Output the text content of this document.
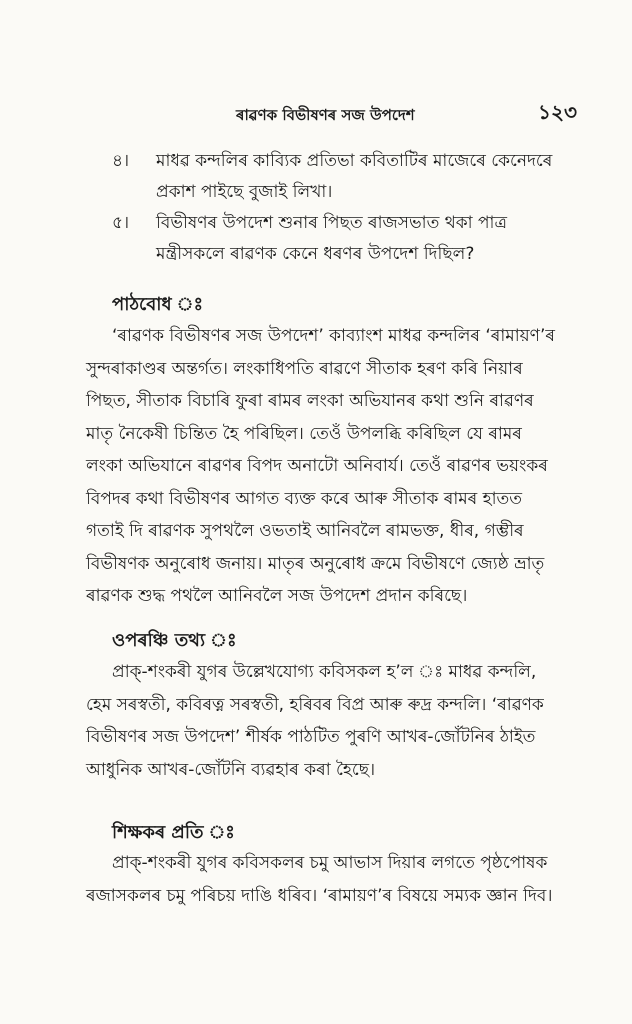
ৰাৱণক বিভীষণৰ সজ উপদেশ	১২৩
৪।	মাধৱ কন্দলিৰ কাব্যিক প্ৰতিভা কবিতাটিৰ মাজেৰে কেনেদৰে
প্ৰকাশ পাইছে বুজাই লিখা।
৫।	বিভীষণৰ উপদেশ শুনাৰ পিছত ৰাজসভাত থকা পাত্ৰ
মন্ত্ৰীসকলে ৰাৱণক কেনে ধৰণৰ উপদেশ দিছিল?
পাঠবোধ ঃ
‘ৰাৱণক বিভীষণৰ সজ উপদেশ’ কাব্যাংশ মাধৱ কন্দলিৰ ‘ৰামায়ণ’ৰ
সুন্দৰাকাণ্ডৰ অন্তৰ্গত। লংকাধিপতি ৰাৱণে সীতাক হৰণ কৰি নিয়াৰ
পিছত, সীতাক বিচাৰি ফুৰা ৰামৰ লংকা অভিযানৰ কথা শুনি ৰাৱণৰ
মাতৃ নৈকেষী চিন্তিত হৈ পৰিছিল। তেওঁ উপলব্ধি কৰিছিল যে ৰামৰ
লংকা অভিযানে ৰাৱণৰ বিপদ অনাটো অনিবাৰ্য। তেওঁ ৰাৱণৰ ভয়ংকৰ
বিপদৰ কথা বিভীষণৰ আগত ব্যক্ত কৰে আৰু সীতাক ৰামৰ হাতত
গতাই দি ৰাৱণক সুপথলৈ ওভতাই আনিবলৈ ৰামভক্ত, ধীৰ, গম্ভীৰ
বিভীষণক অনুৰোধ জনায়। মাতৃৰ অনুৰোধ ক্ৰমে বিভীষণে জ্যেষ্ঠ ভ্ৰাতৃ
ৰাৱণক শুদ্ধ পথলৈ আনিবলৈ সজ উপদেশ প্ৰদান কৰিছে।
ওপৰঞ্চি তথ্য ঃ
প্ৰাক্-শংকৰী যুগৰ উল্লেখযোগ্য কবিসকল হ’ল ঃ মাধৱ কন্দলি,
হেম সৰস্বতী, কবিৰত্ন সৰস্বতী, হৰিবৰ বিপ্ৰ আৰু ৰুদ্ৰ কন্দলি। ‘ৰাৱণক
বিভীষণৰ সজ উপদেশ’ শীৰ্ষক পাঠটিত পুৰণি আখৰ-জোঁটনিৰ ঠাইত
আধুনিক আখৰ-জোঁটনি ব্যৱহাৰ কৰা হৈছে।
শিক্ষকৰ প্ৰতি ঃ
প্ৰাক্-শংকৰী যুগৰ কবিসকলৰ চমু আভাস দিয়াৰ লগতে পৃষ্ঠপোষক
ৰজাসকলৰ চমু পৰিচয় দাঙি ধৰিব। ‘ৰামায়ণ’ৰ বিষয়ে সম্যক জ্ঞান দিব।
